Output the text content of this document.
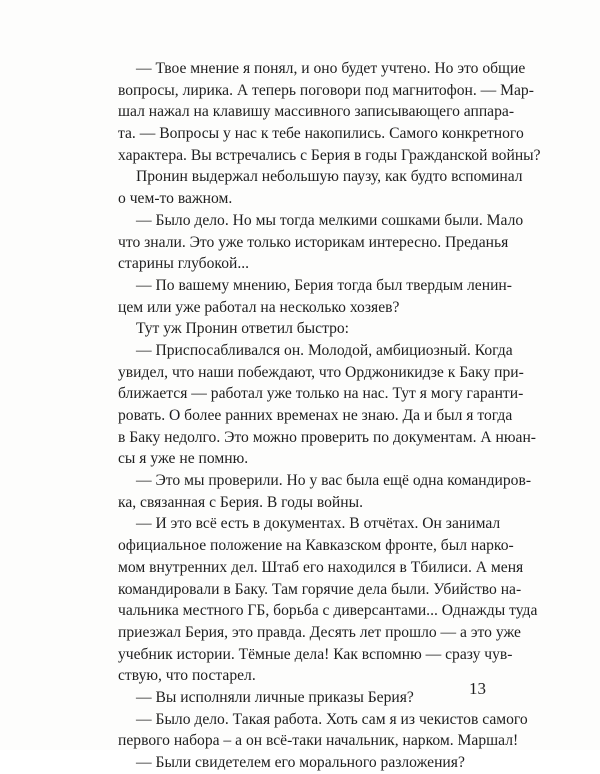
— Твое мнение я понял, и оно будет учтено. Но это общие
вопросы, лирика. А теперь поговори под магнитофон. — Мар-
шал нажал на клавишу массивного записывающего аппара-
та. — Вопросы у нас к тебе накопились. Самого конкретного
характера. Вы встречались с Берия в годы Гражданской войны?
Пронин выдержал небольшую паузу, как будто вспоминал
о чем-то важном.
— Было дело. Но мы тогда мелкими сошками были. Мало
что знали. Это уже только историкам интересно. Преданья
старины глубокой...
— По вашему мнению, Берия тогда был твердым ленин-
цем или уже работал на несколько хозяев?
Тут уж Пронин ответил быстро:
— Приспосабливался он. Молодой, амбициозный. Когда
увидел, что наши побеждают, что Орджоникидзе к Баку при-
ближается — работал уже только на нас. Тут я могу гаранти-
ровать. О более ранних временах не знаю. Да и был я тогда
в Баку недолго. Это можно проверить по документам. А нюан-
сы я уже не помню.
— Это мы проверили. Но у вас была ещё одна командиров-
ка, связанная с Берия. В годы войны.
— И это всё есть в документах. В отчётах. Он занимал
официальное положение на Кавказском фронте, был нарко-
мом внутренних дел. Штаб его находился в Тбилиси. А меня
командировали в Баку. Там горячие дела были. Убийство на-
чальника местного ГБ, борьба с диверсантами... Однажды туда
приезжал Берия, это правда. Десять лет прошло — а это уже
учебник истории. Тёмные дела! Как вспомню — сразу чув-
ствую, что постарел.
— Вы исполняли личные приказы Берия?
— Было дело. Такая работа. Хоть сам я из чекистов самого
первого набора – а он всё-таки начальник, нарком. Маршал!
— Были свидетелем его морального разложения?
13
